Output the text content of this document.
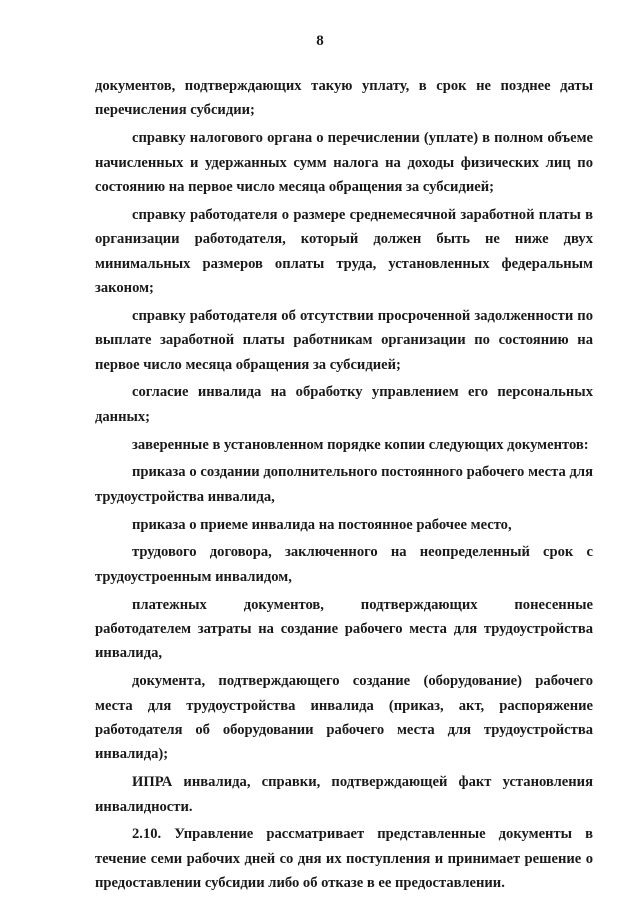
8

документов, подтверждающих такую уплату, в срок не позднее даты перечисления субсидии;

справку налогового органа о перечислении (уплате) в полном объеме начисленных и удержанных сумм налога на доходы физических лиц по состоянию на первое число месяца обращения за субсидией;

справку работодателя о размере среднемесячной заработной платы в организации работодателя, который должен быть не ниже двух минимальных размеров оплаты труда, установленных федеральным законом;

справку работодателя об отсутствии просроченной задолженности по выплате заработной платы работникам организации по состоянию на первое число месяца обращения за субсидией;

согласие инвалида на обработку управлением его персональных данных;

заверенные в установленном порядке копии следующих документов:

приказа о создании дополнительного постоянного рабочего места для трудоустройства инвалида,

приказа о приеме инвалида на постоянное рабочее место,

трудового договора, заключенного на неопределенный срок с трудоустроенным инвалидом,

платежных документов, подтверждающих понесенные работодателем затраты на создание рабочего места для трудоустройства инвалида,

документа, подтверждающего создание (оборудование) рабочего места для трудоустройства инвалида (приказ, акт, распоряжение работодателя об оборудовании рабочего места для трудоустройства инвалида);

ИПРА инвалида, справки, подтверждающей факт установления инвалидности.

2.10. Управление рассматривает представленные документы в течение семи рабочих дней со дня их поступления и принимает решение о предоставлении субсидии либо об отказе в ее предоставлении.
